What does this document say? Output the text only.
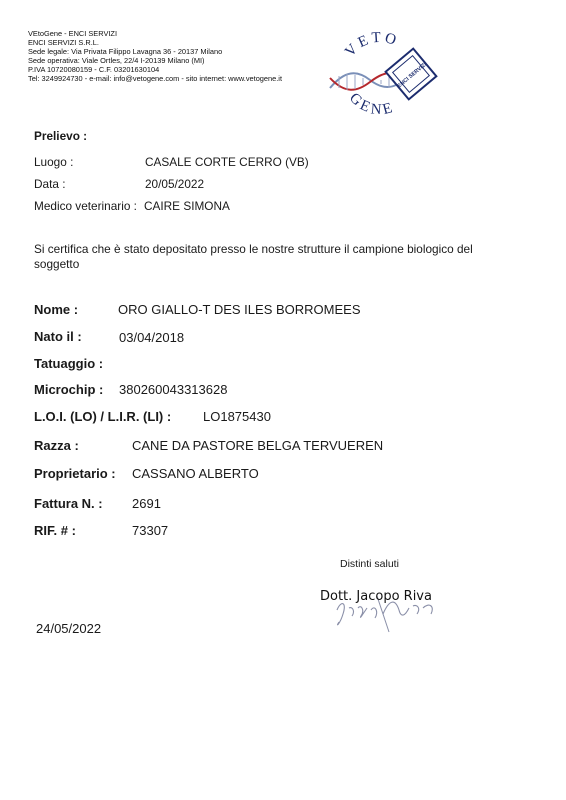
VEtoGene - ENCI SERVIZI
ENCI SERVIZI S.R.L.
Sede legale: Via Privata Filippo Lavagna 36 - 20137 Milano
Sede operativa: Viale Ortles, 22/4 I-20139 Milano (MI)
P.IVA 10720080159 - C.F. 03201630104
Tel: 3249924730 - e-mail: info@vetogene.com - sito internet: www.vetogene.it
VETO
GENE
ENCI SERVIZI
Prelievo :
Luogo :	CASALE CORTE CERRO (VB)
Data :	20/05/2022
Medico veterinario : CAIRE SIMONA
Si certifica che è stato depositato presso le nostre strutture il campione biologico del
soggetto
Nome :	ORO GIALLO-T DES ILES BORROMEES
Nato il :	03/04/2018
Tatuaggio :
Microchip : 380260043313628
L.O.I. (LO) / L.I.R. (LI) : LO1875430
Razza :	CANE DA PASTORE BELGA TERVUEREN
Proprietario : CASSANO ALBERTO
Fattura N. : 2691
RIF. # :	73307
Distinti saluti
Dott. Jacopo Riva
24/05/2022
